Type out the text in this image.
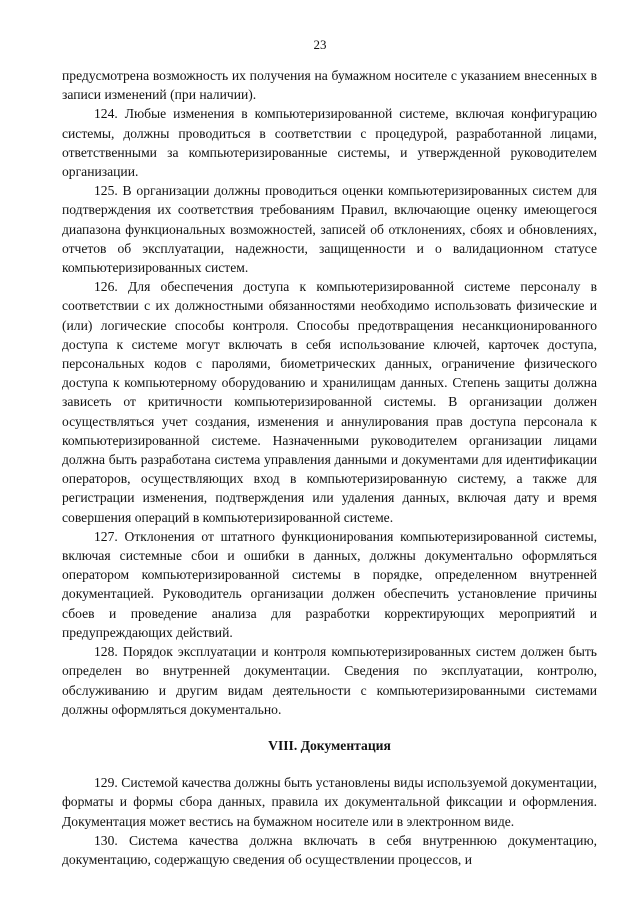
23

предусмотрена возможность их получения на бумажном носителе с указанием внесенных в записи изменений (при наличии).

124. Любые изменения в компьютеризированной системе, включая конфигурацию системы, должны проводиться в соответствии с процедурой, разработанной лицами, ответственными за компьютеризированные системы, и утвержденной руководителем организации.

125. В организации должны проводиться оценки компьютеризированных систем для подтверждения их соответствия требованиям Правил, включающие оценку имеющегося диапазона функциональных возможностей, записей об отклонениях, сбоях и обновлениях, отчетов об эксплуатации, надежности, защищенности и о валидационном статусе компьютеризированных систем.

126. Для обеспечения доступа к компьютеризированной системе персоналу в соответствии с их должностными обязанностями необходимо использовать физические и (или) логические способы контроля. Способы предотвращения несанкционированного доступа к системе могут включать в себя использование ключей, карточек доступа, персональных кодов с паролями, биометрических данных, ограничение физического доступа к компьютерному оборудованию и хранилищам данных. Степень защиты должна зависеть от критичности компьютеризированной системы. В организации должен осуществляться учет создания, изменения и аннулирования прав доступа персонала к компьютеризированной системе. Назначенными руководителем организации лицами должна быть разработана система управления данными и документами для идентификации операторов, осуществляющих вход в компьютеризированную систему, а также для регистрации изменения, подтверждения или удаления данных, включая дату и время совершения операций в компьютеризированной системе.

127. Отклонения от штатного функционирования компьютеризированной системы, включая системные сбои и ошибки в данных, должны документально оформляться оператором компьютеризированной системы в порядке, определенном внутренней документацией. Руководитель организации должен обеспечить установление причины сбоев и проведение анализа для разработки корректирующих мероприятий и предупреждающих действий.

128. Порядок эксплуатации и контроля компьютеризированных систем должен быть определен во внутренней документации. Сведения по эксплуатации, контролю, обслуживанию и другим видам деятельности с компьютеризированными системами должны оформляться документально.

VIII. Документация

129. Системой качества должны быть установлены виды используемой документации, форматы и формы сбора данных, правила их документальной фиксации и оформления. Документация может вестись на бумажном носителе или в электронном виде.

130. Система качества должна включать в себя внутреннюю документацию, документацию, содержащую сведения об осуществлении процессов, и
